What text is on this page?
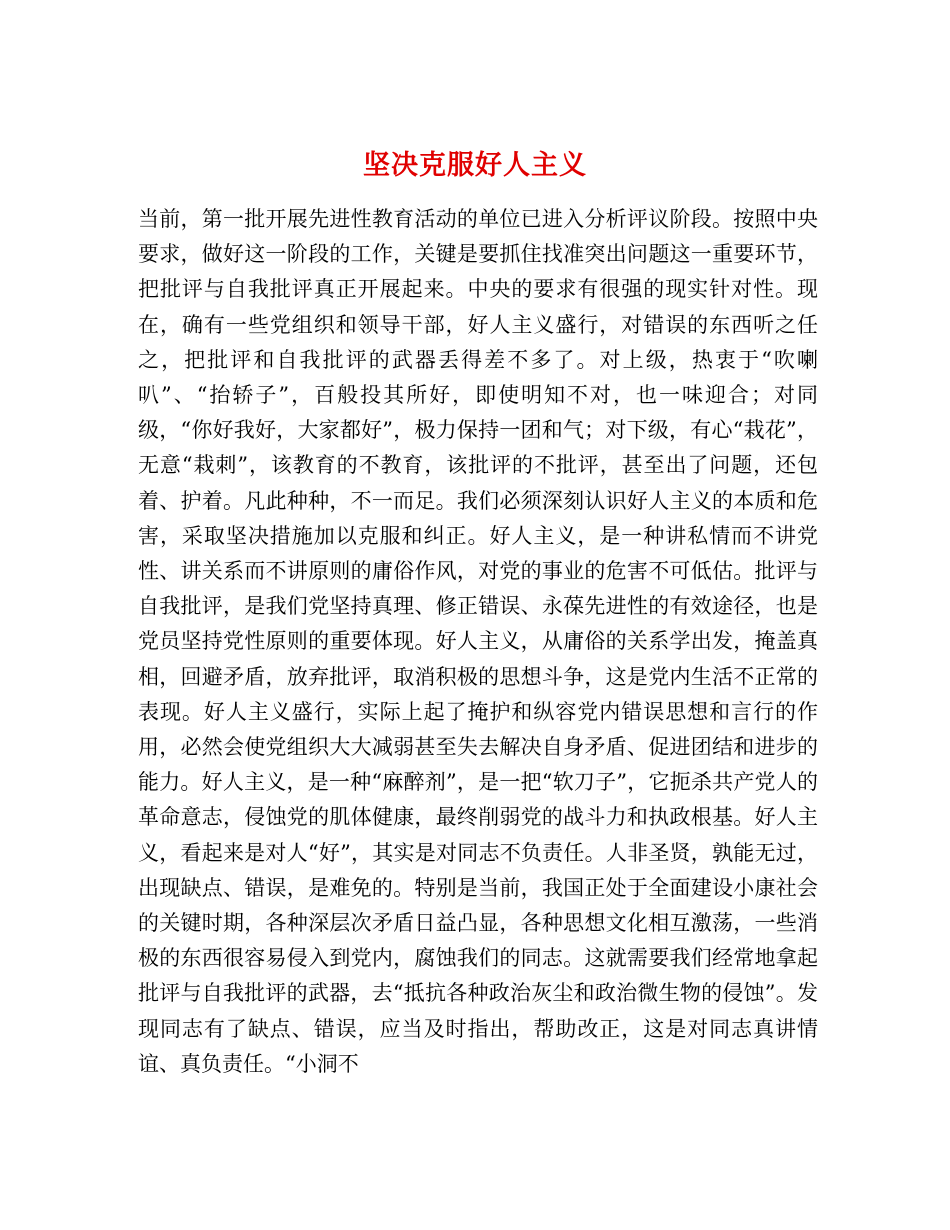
坚决克服好人主义

当前，第一批开展先进性教育活动的单位已进入分析评议阶段。按照中央要求，做好这一阶段的工作，关键是要抓住找准突出问题这一重要环节，把批评与自我批评真正开展起来。中央的要求有很强的现实针对性。现在，确有一些党组织和领导干部，好人主义盛行，对错误的东西听之任之，把批评和自我批评的武器丢得差不多了。对上级，热衷于“吹喇叭”、“抬轿子”，百般投其所好，即使明知不对，也一味迎合；对同级，“你好我好，大家都好”，极力保持一团和气；对下级，有心“栽花”，无意“栽刺”，该教育的不教育，该批评的不批评，甚至出了问题，还包着、护着。凡此种种，不一而足。我们必须深刻认识好人主义的本质和危害，采取坚决措施加以克服和纠正。好人主义，是一种讲私情而不讲党性、讲关系而不讲原则的庸俗作风，对党的事业的危害不可低估。批评与自我批评，是我们党坚持真理、修正错误、永葆先进性的有效途径，也是党员坚持党性原则的重要体现。好人主义，从庸俗的关系学出发，掩盖真相，回避矛盾，放弃批评，取消积极的思想斗争，这是党内生活不正常的表现。好人主义盛行，实际上起了掩护和纵容党内错误思想和言行的作用，必然会使党组织大大减弱甚至失去解决自身矛盾、促进团结和进步的能力。好人主义，是一种“麻醉剂”，是一把“软刀子”，它扼杀共产党人的革命意志，侵蚀党的肌体健康，最终削弱党的战斗力和执政根基。好人主义，看起来是对人“好”，其实是对同志不负责任。人非圣贤，孰能无过，出现缺点、错误，是难免的。特别是当前，我国正处于全面建设小康社会的关键时期，各种深层次矛盾日益凸显，各种思想文化相互激荡，一些消极的东西很容易侵入到党内，腐蚀我们的同志。这就需要我们经常地拿起批评与自我批评的武器，去“抵抗各种政治灰尘和政治微生物的侵蚀”。发现同志有了缺点、错误，应当及时指出，帮助改正，这是对同志真讲情谊、真负责任。“小洞不
